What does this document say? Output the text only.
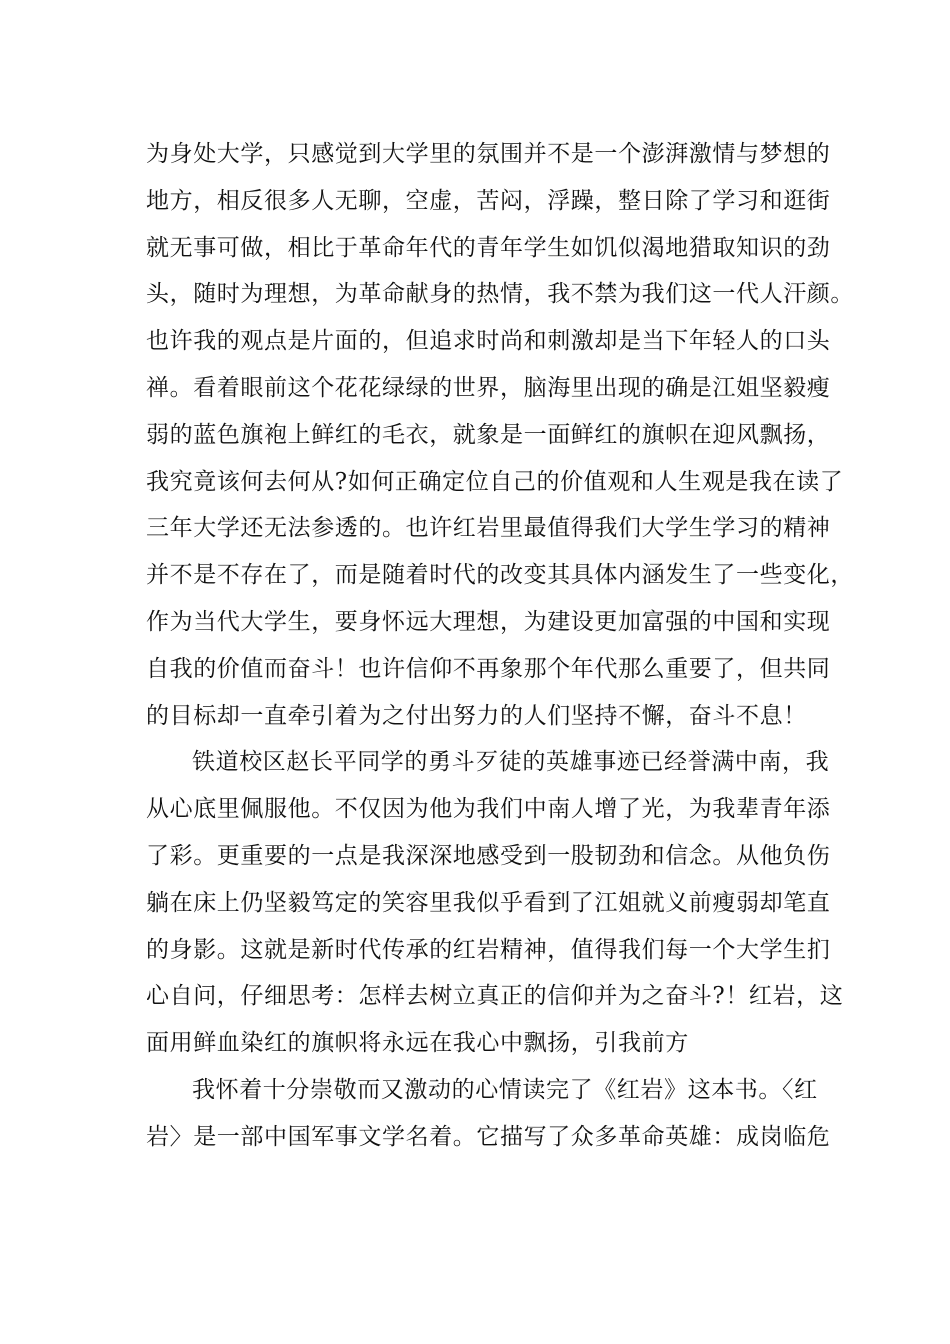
为身处大学，只感觉到大学里的氛围并不是一个澎湃激情与梦想的
地方，相反很多人无聊，空虚，苦闷，浮躁，整日除了学习和逛街
就无事可做，相比于革命年代的青年学生如饥似渴地猎取知识的劲
头，随时为理想，为革命献身的热情，我不禁为我们这一代人汗颜。
也许我的观点是片面的，但追求时尚和刺激却是当下年轻人的口头
禅。看着眼前这个花花绿绿的世界，脑海里出现的确是江姐坚毅瘦
弱的蓝色旗袍上鲜红的毛衣，就象是一面鲜红的旗帜在迎风飘扬，
我究竟该何去何从?如何正确定位自己的价值观和人生观是我在读了
三年大学还无法参透的。也许红岩里最值得我们大学生学习的精神
并不是不存在了，而是随着时代的改变其具体内涵发生了一些变化，
作为当代大学生，要身怀远大理想，为建设更加富强的中国和实现
自我的价值而奋斗！也许信仰不再象那个年代那么重要了，但共同
的目标却一直牵引着为之付出努力的人们坚持不懈，奋斗不息！
铁道校区赵长平同学的勇斗歹徒的英雄事迹已经誉满中南，我
从心底里佩服他。不仅因为他为我们中南人增了光，为我辈青年添
了彩。更重要的一点是我深深地感受到一股韧劲和信念。从他负伤
躺在床上仍坚毅笃定的笑容里我似乎看到了江姐就义前瘦弱却笔直
的身影。这就是新时代传承的红岩精神，值得我们每一个大学生扪
心自问，仔细思考：怎样去树立真正的信仰并为之奋斗?！红岩，这
面用鲜血染红的旗帜将永远在我心中飘扬，引我前方
我怀着十分崇敬而又激动的心情读完了《红岩》这本书。〈红
岩〉是一部中国军事文学名着。它描写了众多革命英雄：成岗临危
